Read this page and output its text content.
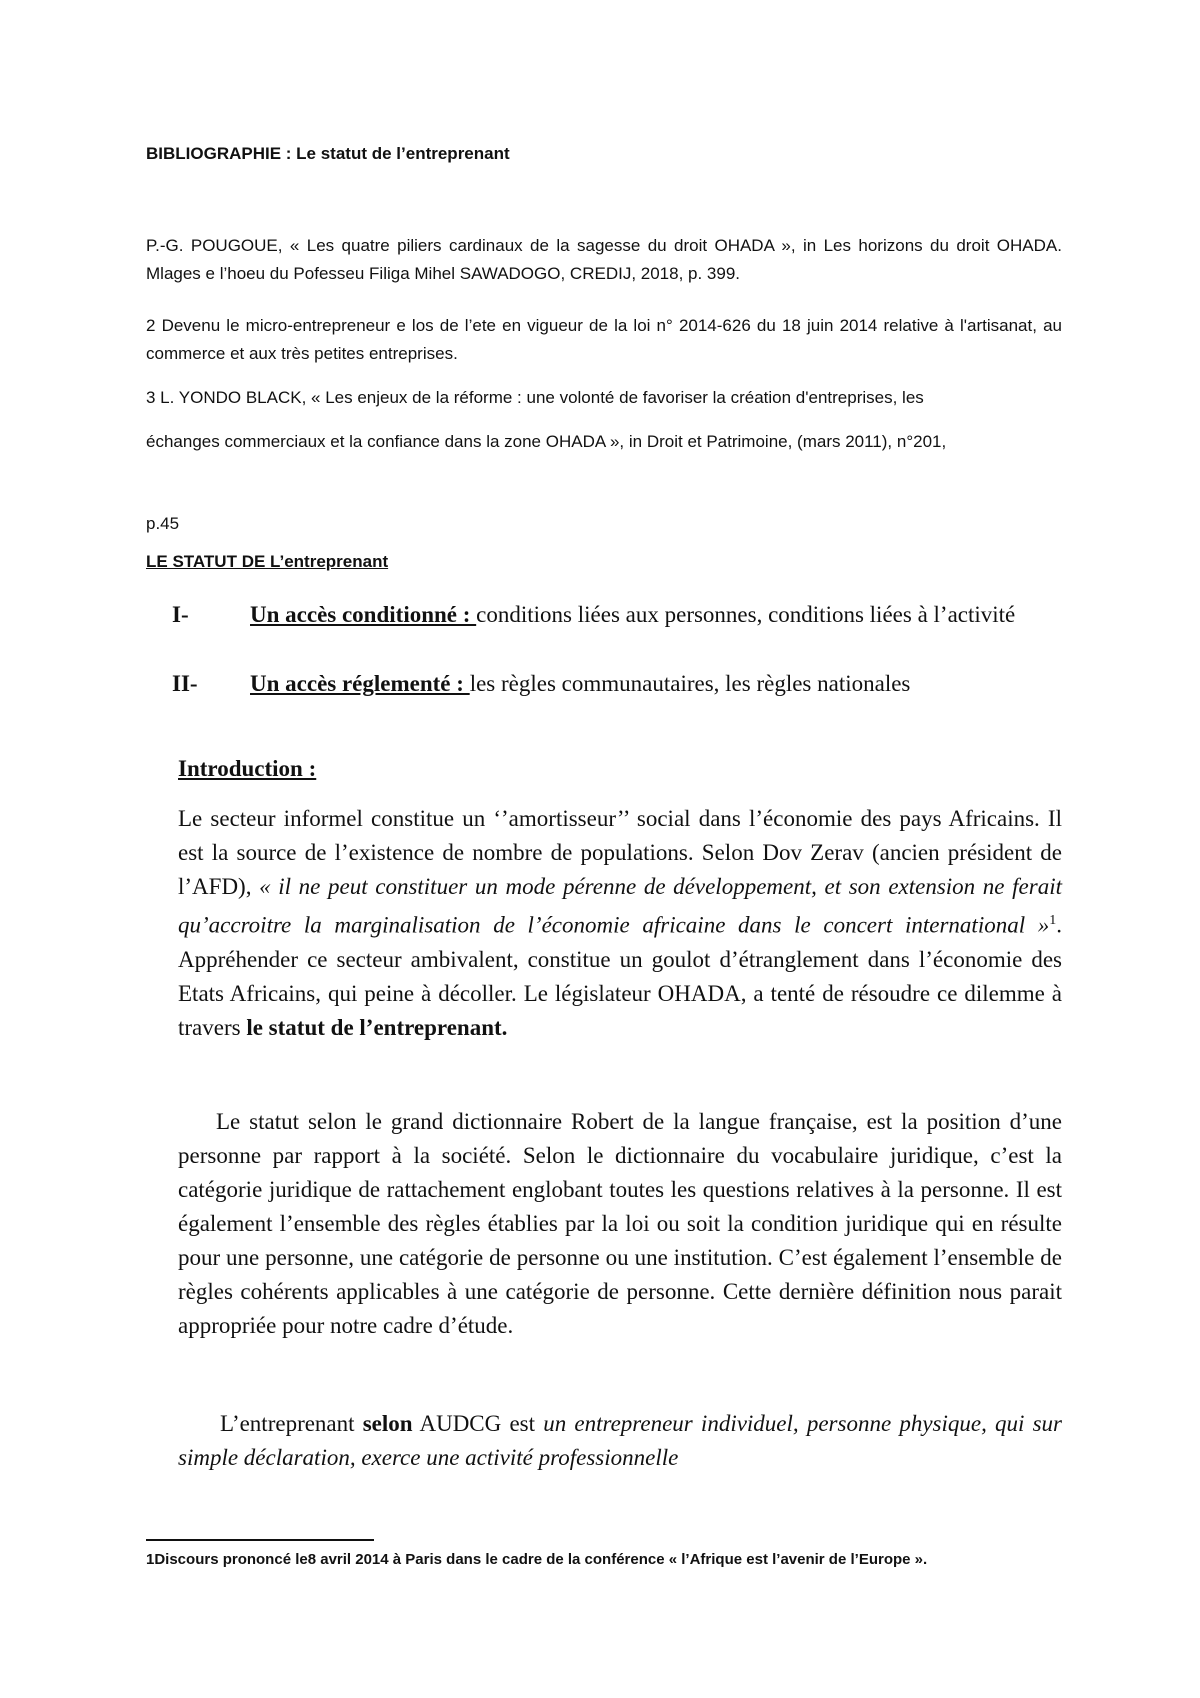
BIBLIOGRAPHIE : Le statut de l’entreprenant
P.-G. POUGOUE, « Les quatre piliers cardinaux de la sagesse du droit OHADA », in Les horizons du droit OHADA. Mlages e l’hoeu du Pofesseu Filiga Mihel SAWADOGO, CREDIJ, 2018, p. 399.
2 Devenu le micro-entrepreneur e los de l’ete en vigueur de la loi n° 2014-626 du 18 juin 2014 relative à l'artisanat, au commerce et aux très petites entreprises.
3 L. YONDO BLACK, « Les enjeux de la réforme : une volonté de favoriser la création d'entreprises, les
échanges commerciaux et la confiance dans la zone OHADA », in Droit et Patrimoine, (mars 2011), n°201,
p.45
LE STATUT DE L’entreprenant
I-	Un accès conditionné : conditions liées aux personnes, conditions liées à l’activité
II- Un accès réglementé : les règles communautaires, les règles nationales
Introduction :
Le secteur informel constitue un ‘’amortisseur’’ social dans l’économie des pays Africains. Il est la source de l’existence de nombre de populations. Selon Dov Zerav (ancien président de l’AFD), « il ne peut constituer un mode pérenne de développement, et son extension ne ferait qu’accroitre la marginalisation de l’économie africaine dans le concert international »$^1$. Appréhender ce secteur ambivalent, constitue un goulot d’étranglement dans l’économie des Etats Africains, qui peine à décoller. Le législateur OHADA, a tenté de résoudre ce dilemme à travers le statut de l’entreprenant.
Le statut selon le grand dictionnaire Robert de la langue française, est la position d’une personne par rapport à la société. Selon le dictionnaire du vocabulaire juridique, c’est la catégorie juridique de rattachement englobant toutes les questions relatives à la personne. Il est également l’ensemble des règles établies par la loi ou soit la condition juridique qui en résulte pour une personne, une catégorie de personne ou une institution. C’est également l’ensemble de règles cohérents applicables à une catégorie de personne. Cette dernière définition nous parait appropriée pour notre cadre d’étude.
L’entreprenant selon AUDCG est un entrepreneur individuel, personne physique, qui sur simple déclaration, exerce une activité professionnelle
1Discours prononcé le8 avril 2014 à Paris dans le cadre de la conférence « l’Afrique est l’avenir de l’Europe ».
